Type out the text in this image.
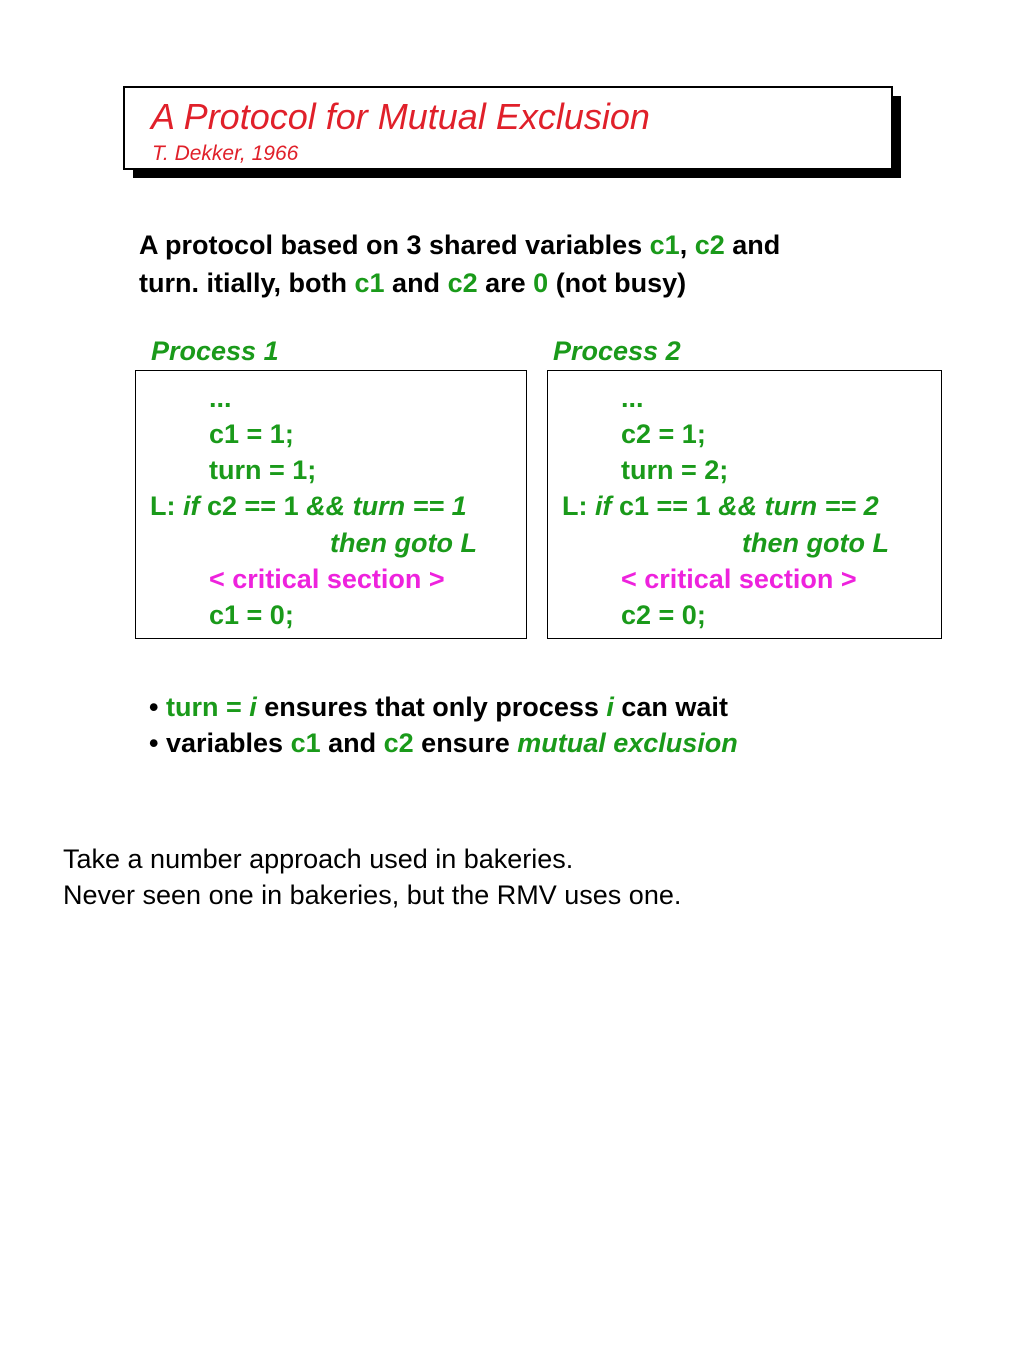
A Protocol for Mutual Exclusion
T. Dekker, 1966
A protocol based on 3 shared variables c1, c2 and
turn. itially, both c1 and c2 are 0 (not busy)
Process 1	Process 2
...
c1 = 1;
turn = 1;
L: if c2 == 1 && turn == 1
then goto L
< critical section >
c1 = 0;
...
c2 = 1;
turn = 2;
L: if c1 == 1 && turn == 2
then goto L
< critical section >
c2 = 0;
• turn = i ensures that only process i can wait
• variables c1 and c2 ensure mutual exclusion
Take a number approach used in bakeries.
Never seen one in bakeries, but the RMV uses one.
